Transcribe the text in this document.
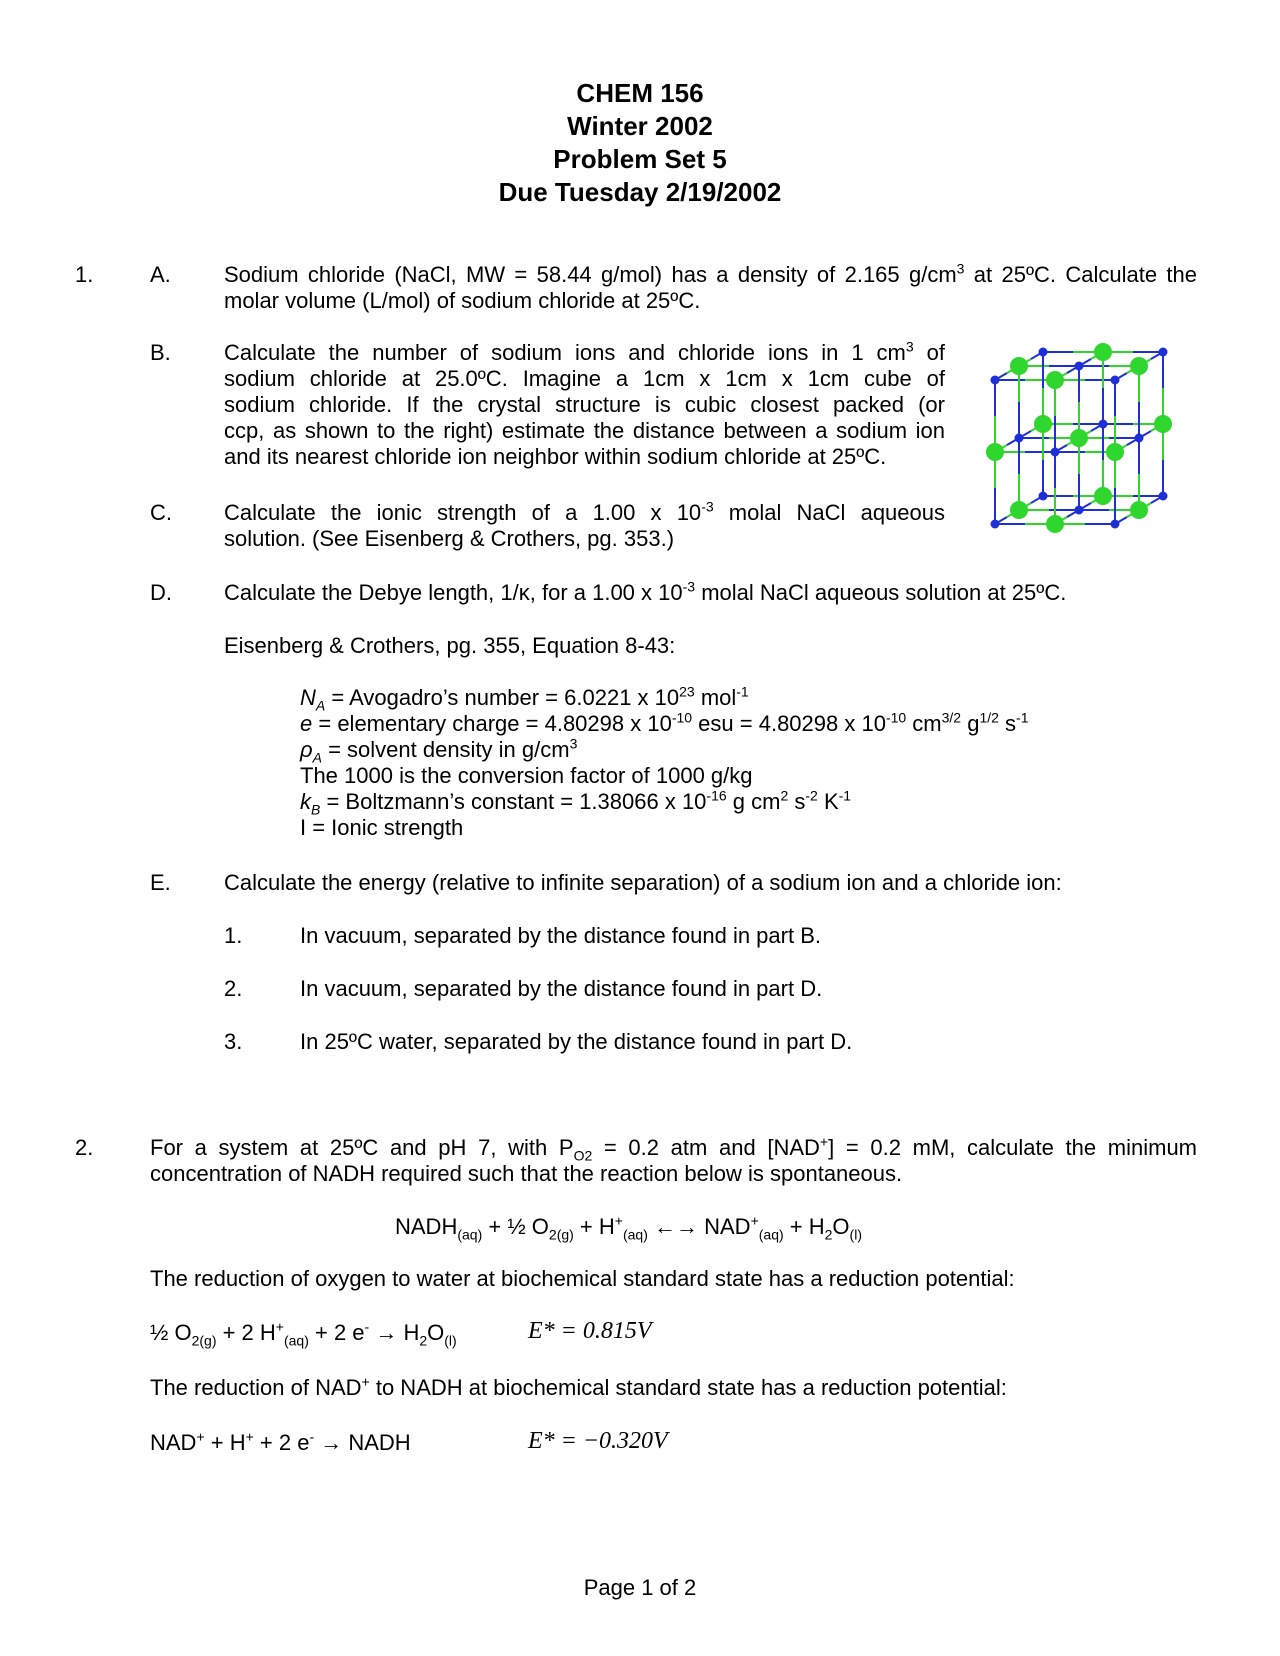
CHEM 156
Winter 2002
Problem Set 5
Due Tuesday 2/19/2002
1.	A. Sodium chloride (NaCl, MW = 58.44 g/mol) has a density of 2.165 $g/cm^3$ at 25ºC. Calculate the
molar volume (L/mol) of sodium chloride at 25ºC.
B. Calculate the number of sodium ions and chloride ions in 1 $cm^3$ of
sodium chloride at 25.0ºC. Imagine a 1cm x 1cm x 1cm cube of
sodium chloride. If the crystal structure is cubic closest packed (or
ccp, as shown to the right) estimate the distance between a sodium ion
and its nearest chloride ion neighbor within sodium chloride at 25ºC.
C. Calculate the ionic strength of a 1.00 x $10^{-3}$ molal NaCl aqueous
solution. (See Eisenberg & Crothers, pg. 353.)
D. Calculate the Debye length, 1/κ, for a 1.00 x $10^{-3}$ molal NaCl aqueous solution at 25ºC.
Eisenberg & Crothers, pg. 355, Equation 8-43:
$N_A$ = Avogadro’s number = 6.0221 x $10^{23}$ mol$^{-1}$
e = elementary charge = 4.80298 x $10^{-10}$ esu = 4.80298 x $10^{-10}$ $cm^{3/2}$ $g^{1/2}$ $s^{-1}$
$\rho_A$ = solvent density in $g/cm^3$
The 1000 is the conversion factor of 1000 g/kg
$k_B$ = Boltzmann’s constant = 1.38066 x $10^{-16}$ g $cm^2$ $s^{-2}$ $K^{-1}$
I = Ionic strength
E. Calculate the energy (relative to infinite separation) of a sodium ion and a chloride ion:
1.	In vacuum, separated by the distance found in part B.
2.	In vacuum, separated by the distance found in part D.
3.	In 25ºC water, separated by the distance found in part D.
2.	For a system at 25ºC and pH 7, with $P_{O2} = 0.2$ atm and [NAD+] = 0.2 mM, calculate the minimum
concentration of NADH required such that the reaction below is spontaneous.
$NADH_{(aq)}$ + ½ $O_{2(g)} + H^+_{(aq)}$ ←→ $NAD^+_{(aq)} + H_2O_{(l)}$
The reduction of oxygen to water at biochemical standard state has a reduction potential:
½ $O_{2(g)} + 2$ $H^+_{(aq)} + 2$ $e^- \to H_2O_{(l)}$	E* = 0.815V
The reduction of NAD+ to NADH at biochemical standard state has a reduction potential:
NAD+ + H+ + 2 e- → NADH	E* = −0.320V
Page 1 of 2
